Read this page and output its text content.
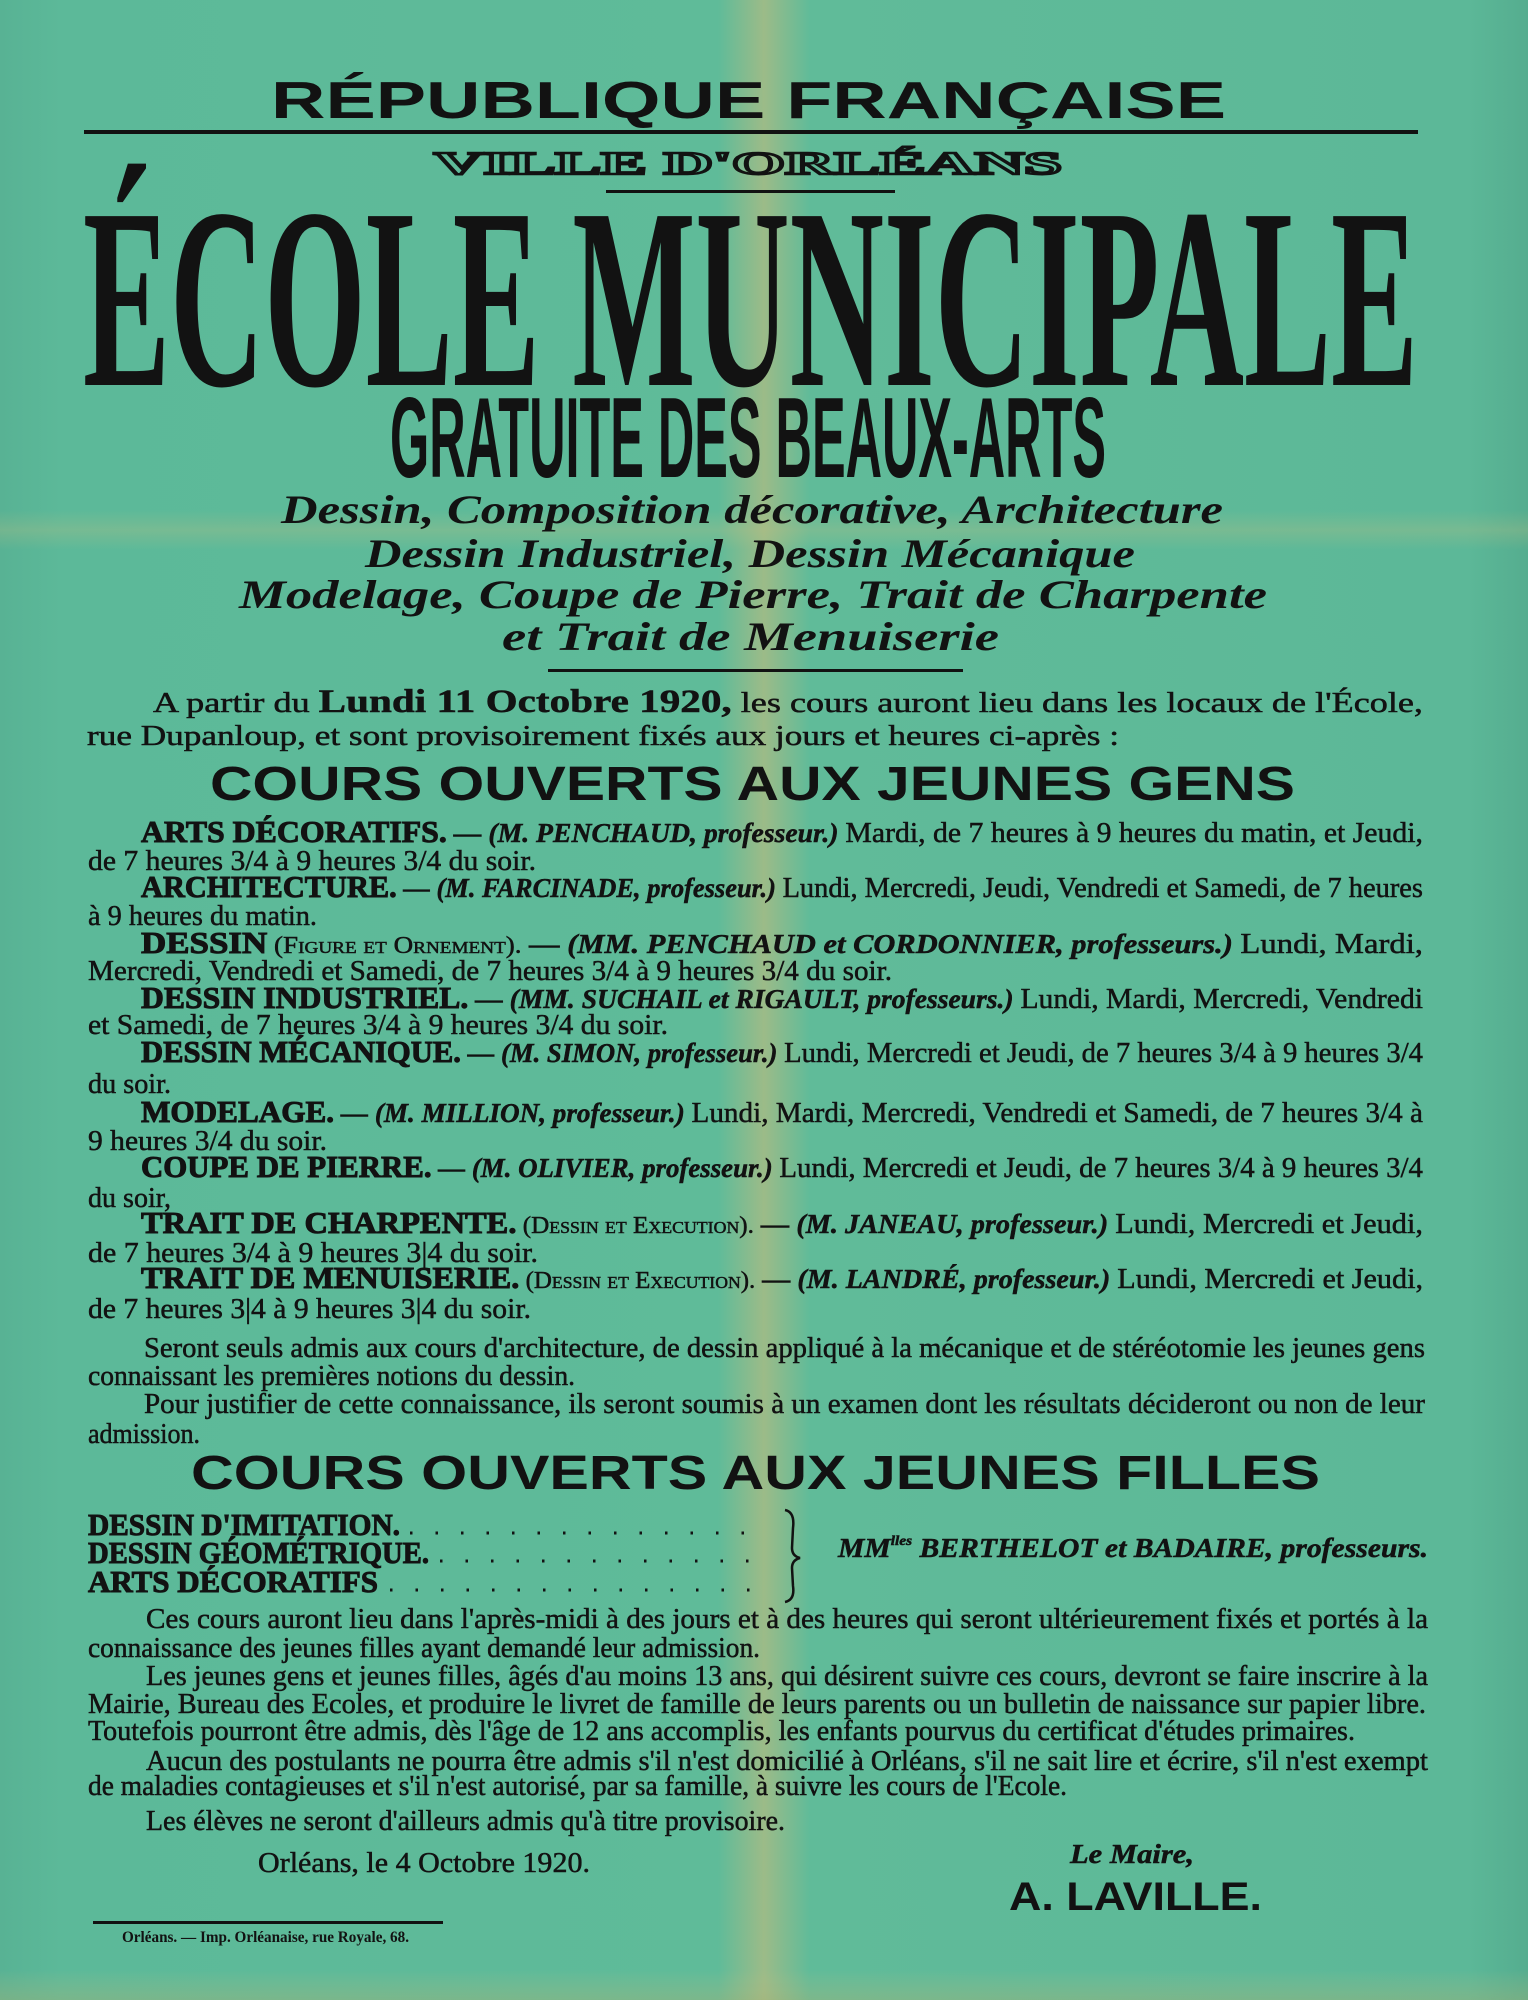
RÉPUBLIQUE FRANÇAISE
VILLE D'ORLÉANS
ÉCOLE MUNICIPALE
GRATUITE DES BEAUX-ARTS
Dessin, Composition décorative, Architecture
Dessin Industriel, Dessin Mécanique
Modelage, Coupe de Pierre, Trait de Charpente
et Trait de Menuiserie
A partir du Lundi 11 Octobre 1920,	les cours auront lieu dans les locaux de l'École,
rue Dupanloup, et sont provisoirement fixés aux jours et heures ci-après :
COURS OUVERTS AUX JEUNES GENS
ARTS DÉCORATIFS. — (M. PENCHAUD, professeur.) Mardi, de 7 heures à 9 heures du matin, et Jeudi,
de 7 heures 3/4 à 9 heures 3/4 du soir.
ARCHITECTURE. — (M. FARCINADE, professeur.) Lundi, Mercredi, Jeudi, Vendredi et Samedi, de 7 heures
à 9 heures du matin.
DESSIN (Figure et Ornement). — (MM. PENCHAUD et CORDONNIER, professeurs.)	Lundi, Mardi,
Mercredi, Vendredi et Samedi, de 7 heures 3/4 à 9 heures 3/4 du soir.
DESSIN INDUSTRIEL. — (MM. SUCHAIL et RIGAULT, professeurs.) Lundi, Mardi, Mercredi, Vendredi
et Samedi, de 7 heures 3/4 à 9 heures 3/4 du soir.
DESSIN MÉCANIQUE. — (M. SIMON, professeur.) Lundi, Mercredi et Jeudi, de 7 heures 3/4 à 9 heures 3/4
du soir.
MODELAGE. — (M. MILLION, professeur.) Lundi, Mardi, Mercredi, Vendredi et Samedi, de 7 heures 3/4 à
9 heures 3/4 du soir.
COUPE DE PIERRE. — (M. OLIVIER, professeur.) Lundi, Mercredi et Jeudi, de 7 heures 3/4 à 9 heures 3/4
du soir,
TRAIT DE CHARPENTE. (Dessin et Execution). — (M. JANEAU, professeur.) Lundi, Mercredi et Jeudi,
de 7 heures 3/4 à 9 heures 3|4 du soir.
TRAIT DE MENUISERIE. (Dessin et Execution). — (M. LANDRÉ, professeur.) Lundi, Mercredi et Jeudi,
de 7 heures 3|4 à 9 heures 3|4 du soir.
Seront seuls admis aux cours d'architecture, de dessin appliqué à la mécanique et de stéréotomie les jeunes gens
connaissant les premières notions du dessin.
Pour justifier de cette connaissance, ils seront soumis à un examen dont les résultats décideront ou non de leur
admission.
COURS OUVERTS AUX JEUNES FILLES
DESSIN D'IMITATION.
DESSIN GÉOMÉTRIQUE.
ARTS DÉCORATIFS
MM $^{lles}$ BERTHELOT et BADAIRE, professeurs.
Ces cours auront lieu dans l'après-midi à des jours et à des heures qui seront ultérieurement fixés et portés à la
connaissance des jeunes filles ayant demandé leur admission.
Les jeunes gens et jeunes filles, âgés d'au moins 13 ans, qui désirent suivre ces cours, devront se faire inscrire à la
Mairie, Bureau des Ecoles, et produire le livret de famille de leurs parents ou un bulletin de naissance sur papier libre.
Toutefois pourront être admis, dès l'âge de 12 ans accomplis, les enfants pourvus du certificat d'études primaires.
Aucun des postulants ne pourra être admis s'il n'est domicilié à Orléans, s'il ne sait lire et écrire, s'il n'est exempt
de maladies contagieuses et s'il n'est autorisé, par sa famille, à suivre les cours de l'Ecole.
Les élèves ne seront d'ailleurs admis qu'à titre provisoire.
Orléans, le 4 Octobre 1920.	Le Maire,
A. LAVILLE.
Orléans. — Imp. Orléanaise, rue Royale, 68.
